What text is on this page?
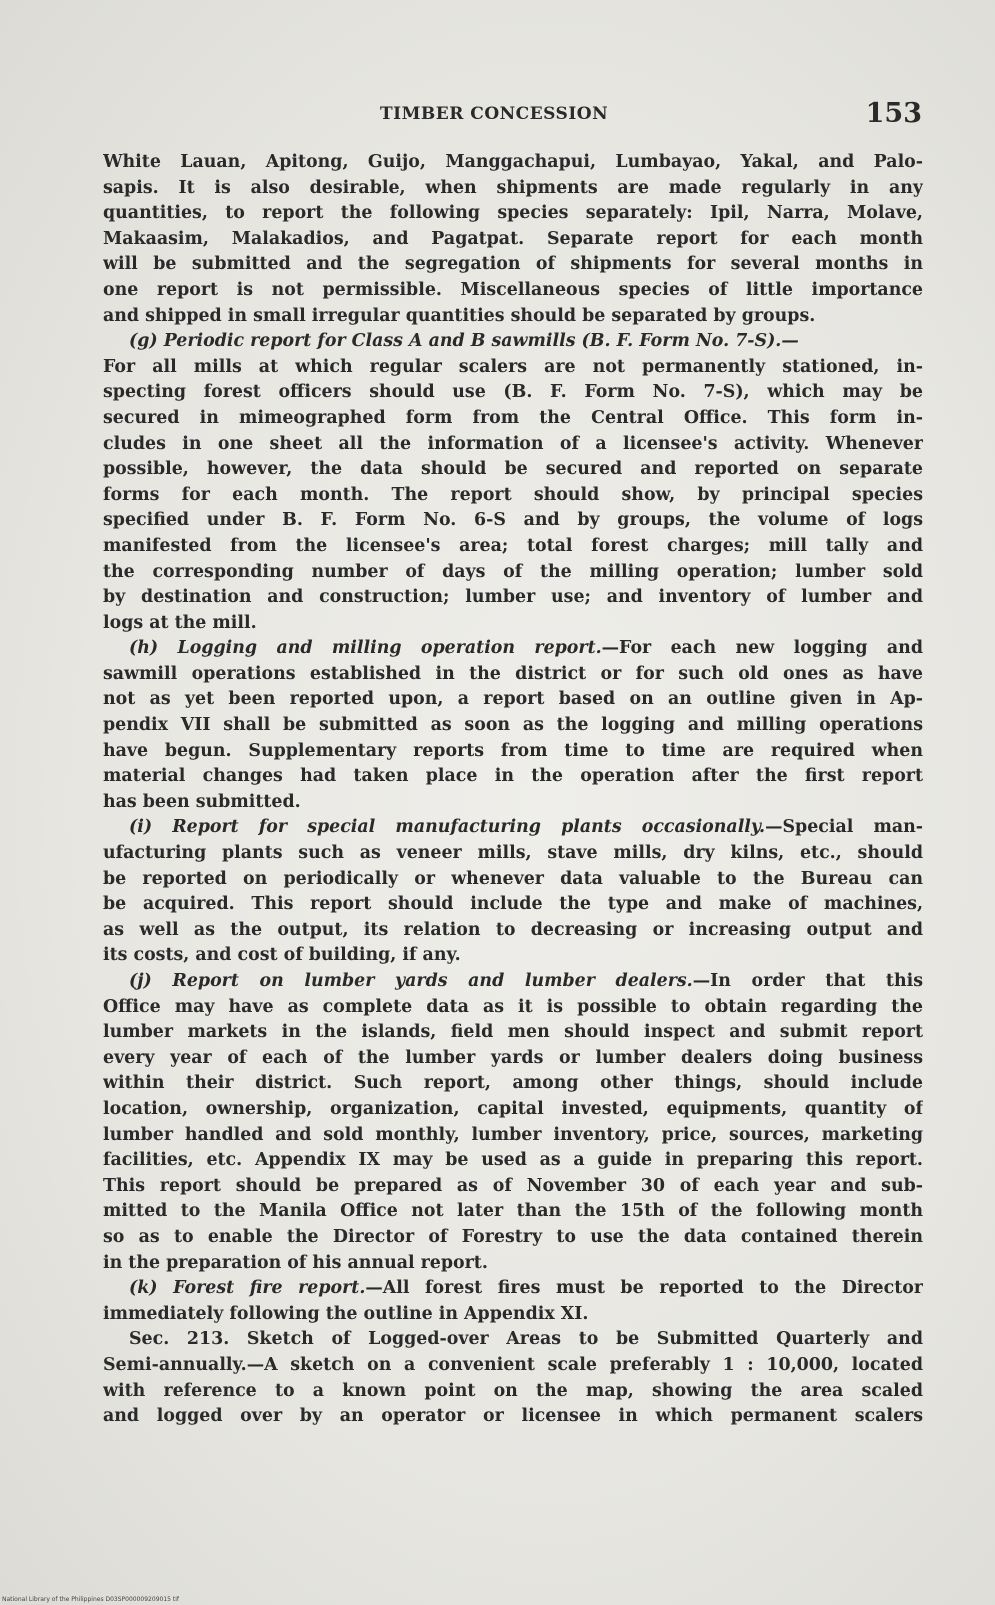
TIMBER CONCESSION	153
White Lauan, Apitong, Guijo, Manggachapui, Lumbayao, Yakal, and Palo-
sapis. It is also desirable, when shipments are made regularly in any
quantities, to report the following species separately: Ipil, Narra, Molave,
Makaasim, Malakadios, and Pagatpat. Separate report for each month
will be submitted and the segregation of shipments for several months in
one report is not permissible. Miscellaneous species of little importance
and shipped in small irregular quantities should be separated by groups.
(g) Periodic report for Class A and B sawmills (B. F. Form No. 7-S).—
For all mills at which regular scalers are not permanently stationed, in-
specting forest officers should use (B. F. Form No. 7-S), which may be
secured in mimeographed form from the Central Office. This form in-
cludes in one sheet all the information of a licensee's activity. Whenever
possible, however, the data should be secured and reported on separate
forms for each month. The report should show, by principal species
specified under B. F. Form No. 6-S and by groups, the volume of logs
manifested from the licensee's area; total forest charges; mill tally and
the corresponding number of days of the milling operation; lumber sold
by destination and construction; lumber use; and inventory of lumber and
logs at the mill.
(h) Logging and milling operation report.—For each new logging and
sawmill operations established in the district or for such old ones as have
not as yet been reported upon, a report based on an outline given in Ap-
pendix VII shall be submitted as soon as the logging and milling operations
have begun. Supplementary reports from time to time are required when
material changes had taken place in the operation after the first report
has been submitted.
(i) Report for special manufacturing plants occasionally.—Special man-
ufacturing plants such as veneer mills, stave mills, dry kilns, etc., should
be reported on periodically or whenever data valuable to the Bureau can
be acquired. This report should include the type and make of machines,
as well as the output, its relation to decreasing or increasing output and
its costs, and cost of building, if any.
(j) Report on lumber yards and lumber dealers.—In order that this
Office may have as complete data as it is possible to obtain regarding the
lumber markets in the islands, field men should inspect and submit report
every year of each of the lumber yards or lumber dealers doing business
within their district. Such report, among other things, should include
location, ownership, organization, capital invested, equipments, quantity of
lumber handled and sold monthly, lumber inventory, price, sources, marketing
facilities, etc. Appendix IX may be used as a guide in preparing this report.
This report should be prepared as of November 30 of each year and sub-
mitted to the Manila Office not later than the 15th of the following month
so as to enable the Director of Forestry to use the data contained therein
in the preparation of his annual report.
(k) Forest fire report.—All forest fires must be reported to the Director
immediately following the outline in Appendix XI.
Sec. 213. Sketch of Logged-over Areas to be Submitted Quarterly and
Semi-annually.—A sketch on a convenient scale preferably 1 : 10,000, located
with reference to a known point on the map, showing the area scaled
and logged over by an operator or licensee in which permanent scalers
National Library of the Philippines D03SP000009209015 tif
